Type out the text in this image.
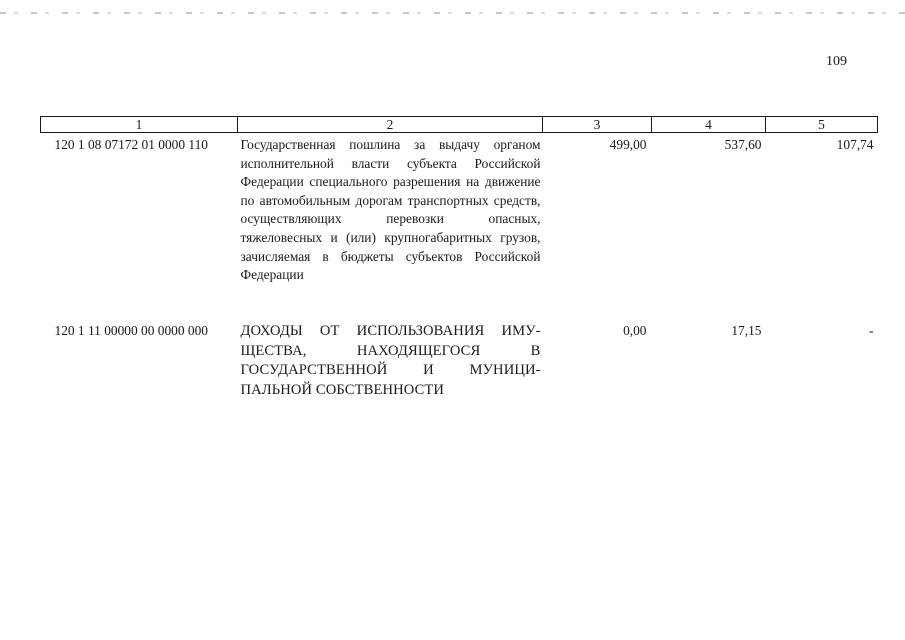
109
1	2	3	4	5
120 1 08 07172 01 0000 110	Государственная пошлина за выдачу органом исполнительной власти субъекта Российской Федерации специального разрешения на движение по автомобильным дорогам транспортных средств, осуществляющих перевозки опасных, тяжеловесных и (или) крупногабаритных грузов, зачисляемая в бюджеты субъектов Российской Федерации	499,00	537,60	107,74
120 1 11 00000 00 0000 000	ДОХОДЫ ОТ ИСПОЛЬЗОВАНИЯ ИМУЩЕСТВА, НАХОДЯЩЕГОСЯ В ГОСУДАРСТВЕННОЙ И МУНИЦИПАЛЬНОЙ СОБСТВЕННОСТИ	0,00	17,15	-
